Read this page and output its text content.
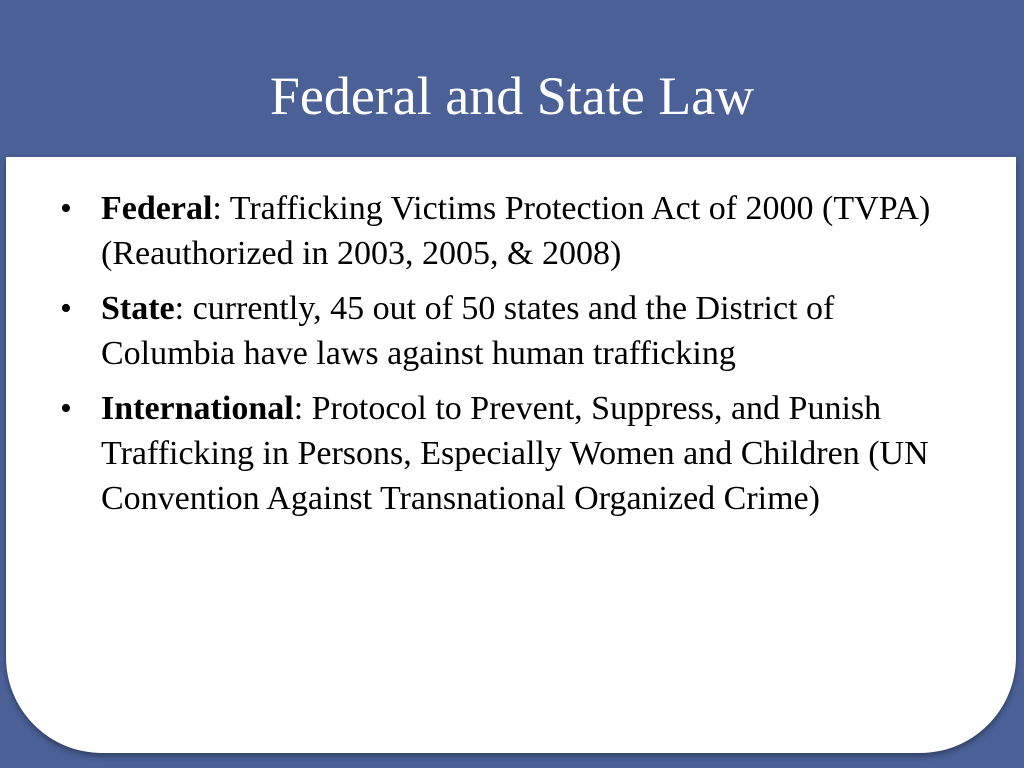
Federal and State Law
• Federal: Trafficking Victims Protection Act of 2000 (TVPA) (Reauthorized in 2003, 2005, & 2008)
• State: currently, 45 out of 50 states and the District of Columbia have laws against human trafficking
• International: Protocol to Prevent, Suppress, and Punish Trafficking in Persons, Especially Women and Children (UN Convention Against Transnational Organized Crime)
